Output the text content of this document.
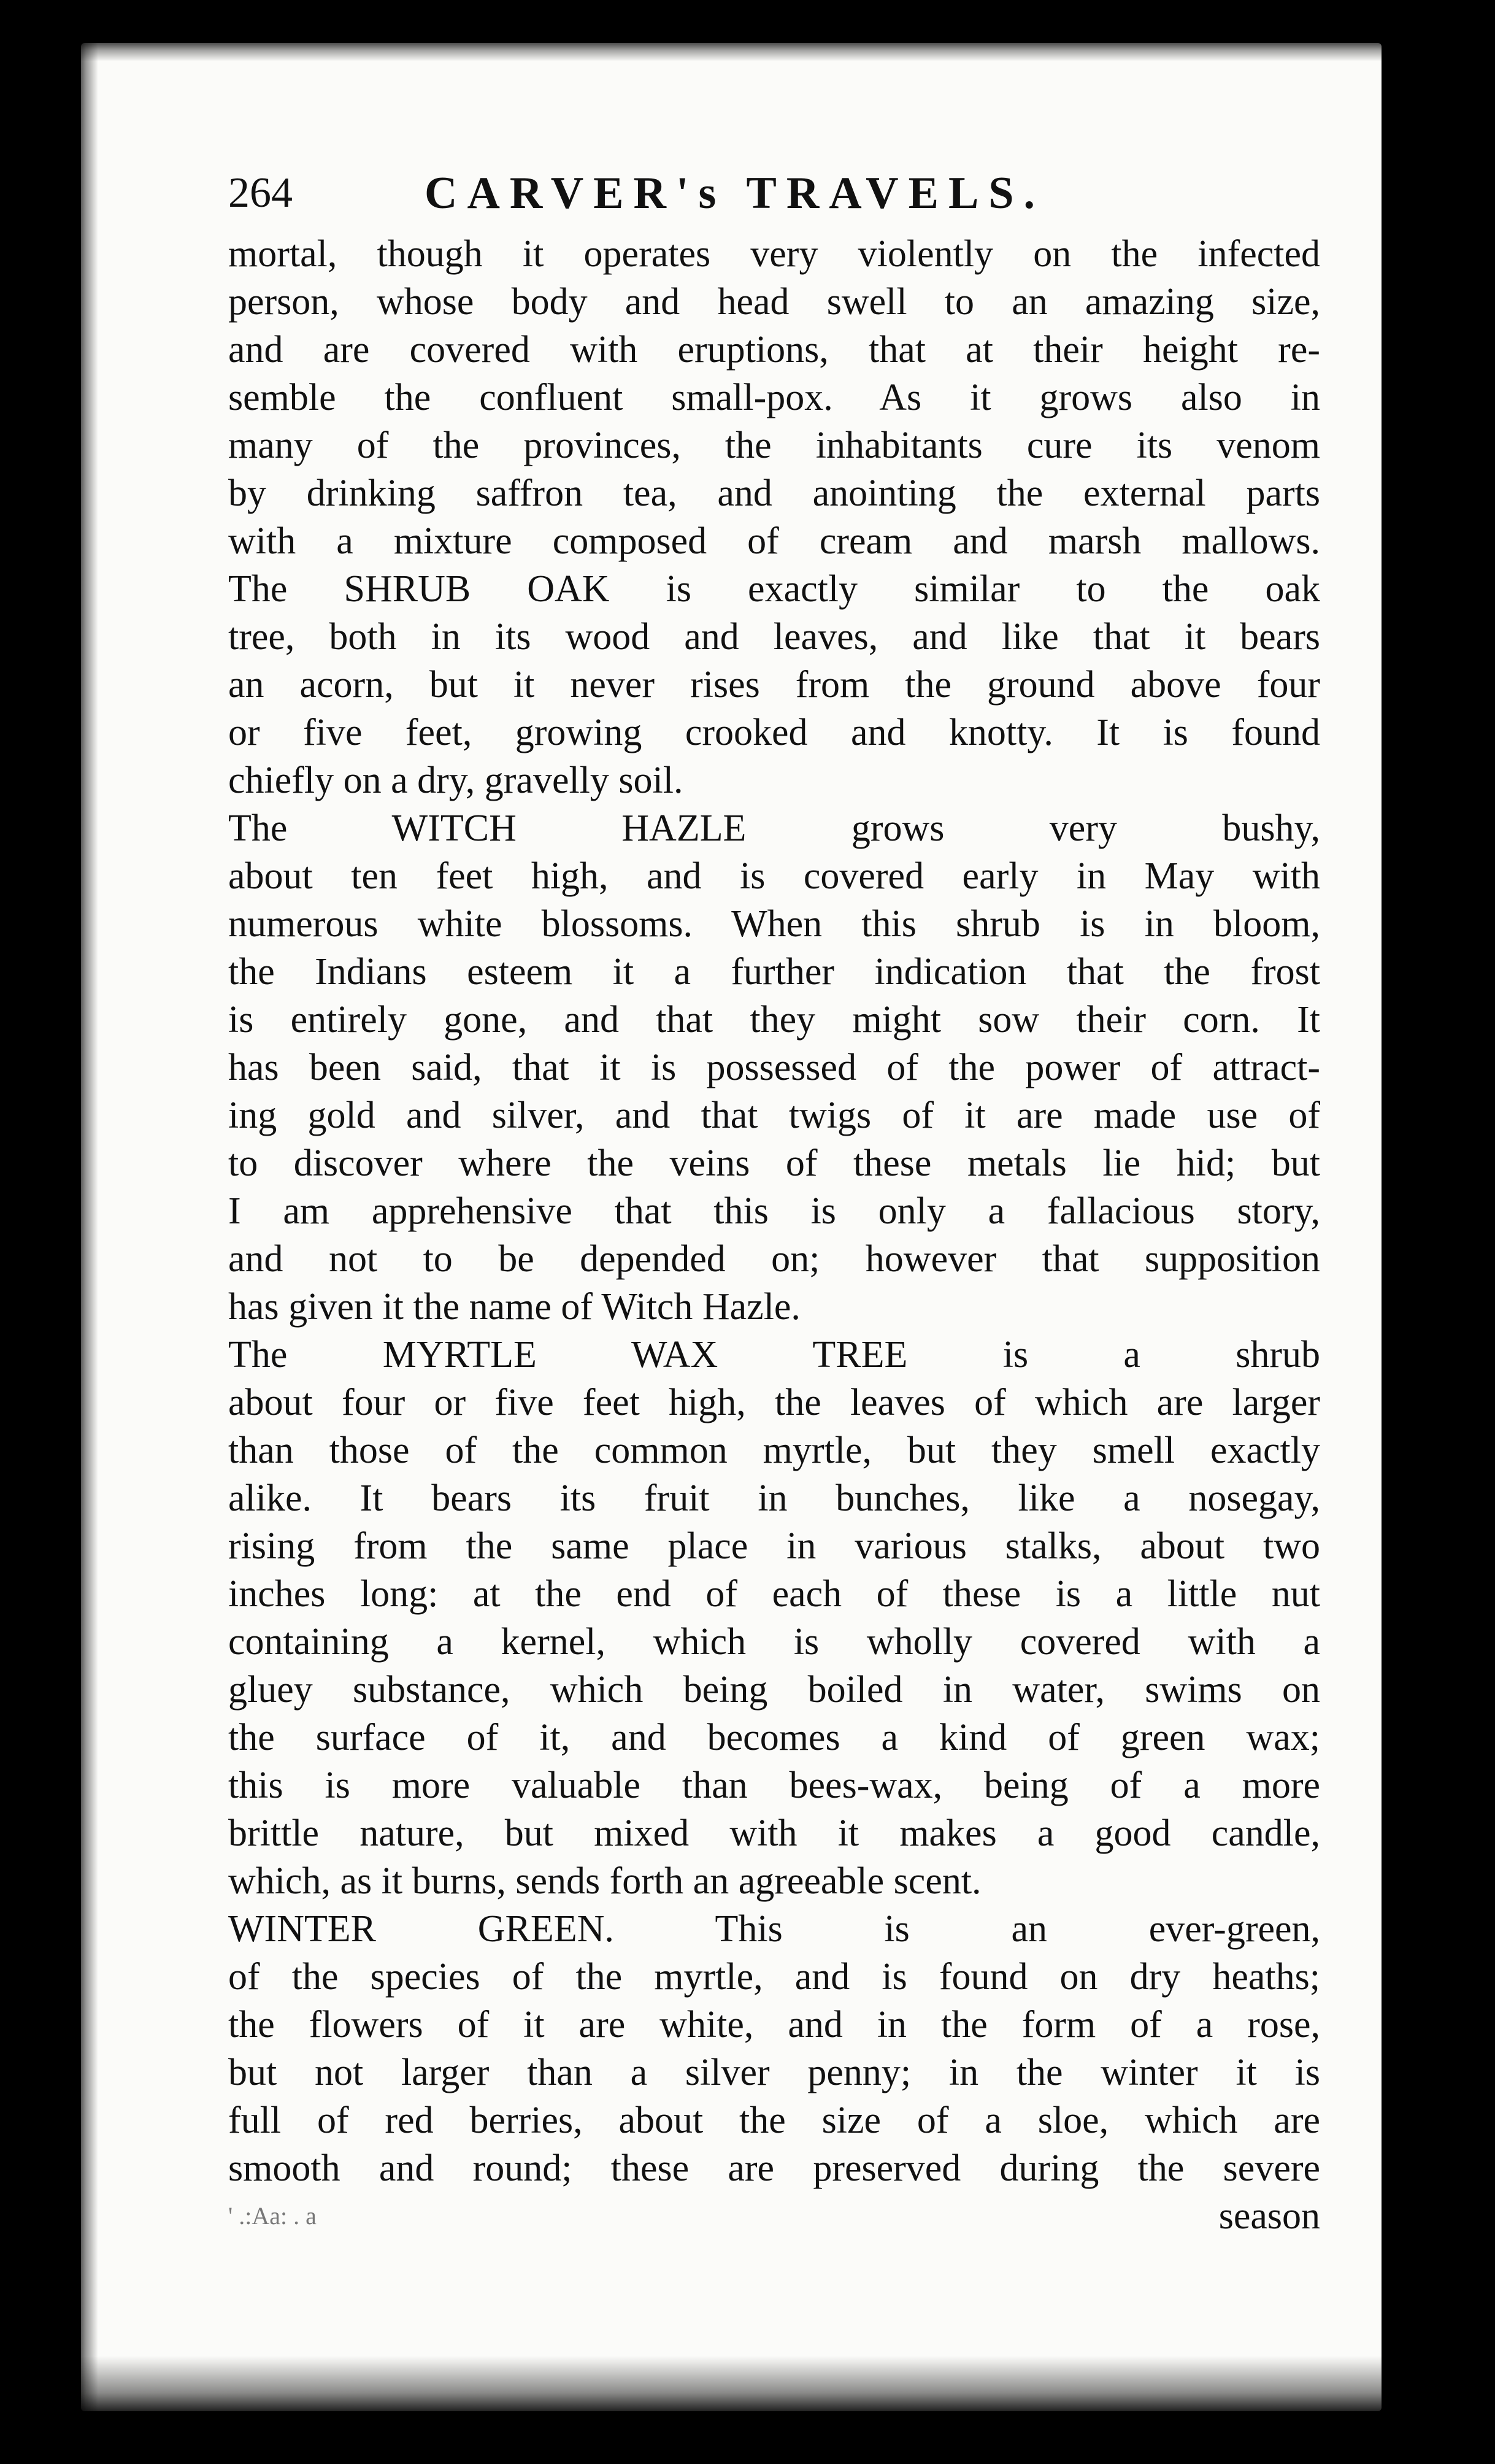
264	CARVER's TRAVELS.
mortal, though it operates very violently on the infected
person, whose body and head swell to an amazing size,
and are covered with eruptions, that at their height re-
semble the confluent small-pox. As it grows also in
many of the provinces, the inhabitants cure its venom
by drinking saffron tea, and anointing the external parts
with a mixture composed of cream and marsh mallows.
The SHRUB OAK is exactly similar to the oak
tree, both in its wood and leaves, and like that it bears
an acorn, but it never rises from the ground above four
or five feet, growing crooked and knotty. It is found
chiefly on a dry, gravelly soil.
The WITCH HAZLE grows very bushy,
about ten feet high, and is covered early in May with
numerous white blossoms. When this shrub is in bloom,
the Indians esteem it a further indication that the frost
is entirely gone, and that they might sow their corn. It
has been said, that it is possessed of the power of attract-
ing gold and silver, and that twigs of it are made use of
to discover where the veins of these metals lie hid; but
I am apprehensive that this is only a fallacious story,
and not to be depended on; however that supposition
has given it the name of Witch Hazle.
The MYRTLE WAX TREE is a shrub
about four or five feet high, the leaves of which are larger
than those of the common myrtle, but they smell exactly
alike. It bears its fruit in bunches, like a nosegay,
rising from the same place in various stalks, about two
inches long: at the end of each of these is a little nut
containing a kernel, which is wholly covered with a
gluey substance, which being boiled in water, swims on
the surface of it, and becomes a kind of green wax;
this is more valuable than bees-wax, being of a more
brittle nature, but mixed with it makes a good candle,
which, as it burns, sends forth an agreeable scent.
WINTER GREEN. This is an ever-green,
of the species of the myrtle, and is found on dry heaths;
the flowers of it are white, and in the form of a rose,
but not larger than a silver penny; in the winter it is
full of red berries, about the size of a sloe, which are
smooth and round; these are preserved during the severe
' .:Aa: . a	season
